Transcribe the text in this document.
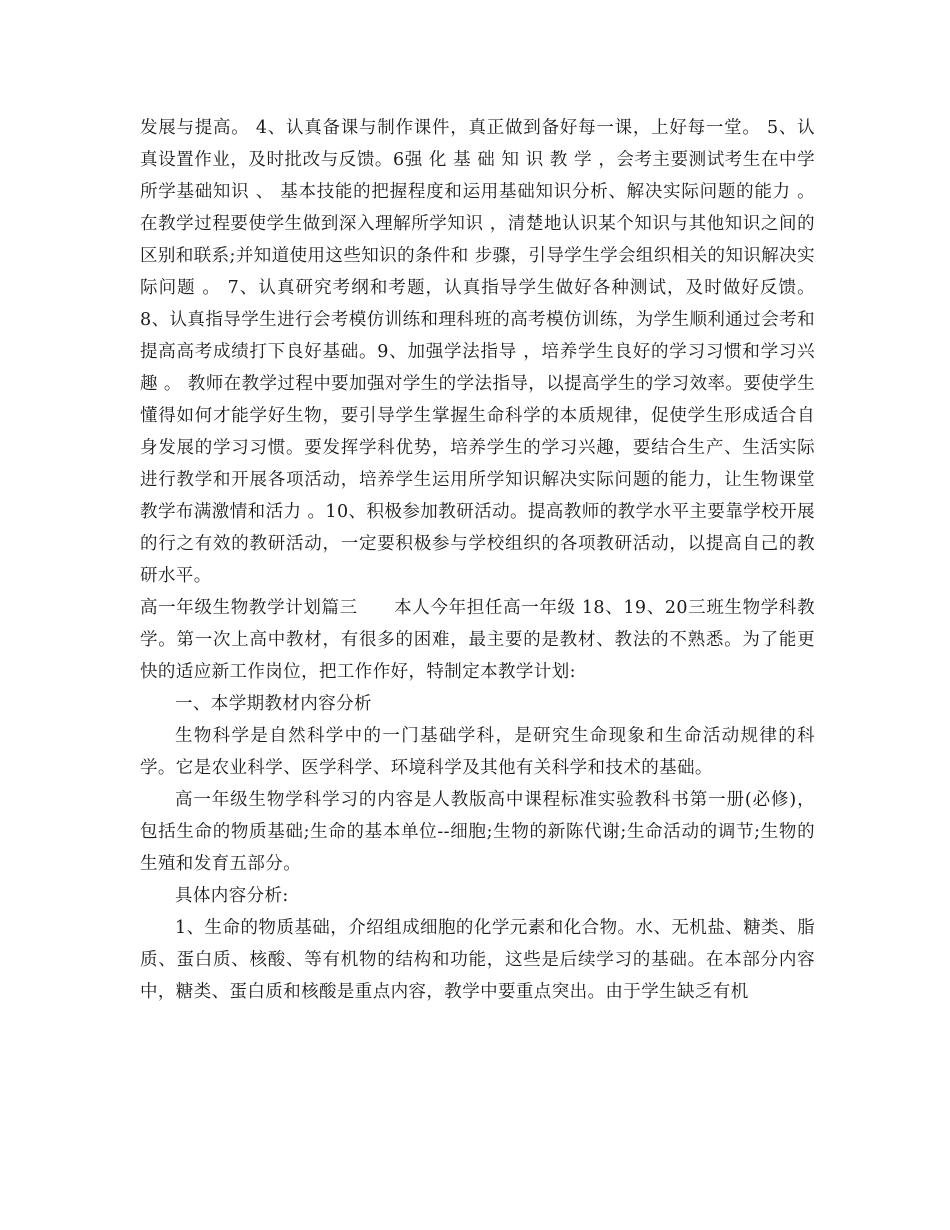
发展与提高。 4、认真备课与制作课件，真正做到备好每一课，上好每一堂。 5、认真设置作业，及时批改与反馈。6强 化 基 础 知 识 教 学 ，会考主要测试考生在中学所学基础知识 、 基本技能的把握程度和运用基础知识分析、解决实际问题的能力 。在教学过程要使学生做到深入理解所学知识 ，清楚地认识某个知识与其他知识之间的区别和联系;并知道使用这些知识的条件和 步骤，引导学生学会组织相关的知识解决实际问题 。 7、认真研究考纲和考题，认真指导学生做好各种测试，及时做好反馈。 8、认真指导学生进行会考模仿训练和理科班的高考模仿训练，为学生顺利通过会考和提高高考成绩打下良好基础。9、加强学法指导 ，培养学生良好的学习习惯和学习兴趣 。 教师在教学过程中要加强对学生的学法指导，以提高学生的学习效率。要使学生懂得如何才能学好生物，要引导学生掌握生命科学的本质规律，促使学生形成适合自身发展的学习习惯。要发挥学科优势，培养学生的学习兴趣，要结合生产、生活实际进行教学和开展各项活动，培养学生运用所学知识解决实际问题的能力，让生物课堂教学布满激情和活力 。10、积极参加教研活动。提高教师的教学水平主要靠学校开展的行之有效的教研活动，一定要积极参与学校组织的各项教研活动，以提高自己的教研水平。

高一年级生物教学计划篇三　　本人今年担任高一年级 18、19、20三班生物学科教学。第一次上高中教材，有很多的困难，最主要的是教材、教法的不熟悉。为了能更快的适应新工作岗位，把工作作好，特制定本教学计划:

一、本学期教材内容分析

生物科学是自然科学中的一门基础学科，是研究生命现象和生命活动规律的科学。它是农业科学、医学科学、环境科学及其他有关科学和技术的基础。

高一年级生物学科学习的内容是人教版高中课程标准实验教科书第一册(必修)，包括生命的物质基础;生命的基本单位--细胞;生物的新陈代谢;生命活动的调节;生物的生殖和发育五部分。

具体内容分析:

1、生命的物质基础，介绍组成细胞的化学元素和化合物。水、无机盐、糖类、脂质、蛋白质、核酸、等有机物的结构和功能，这些是后续学习的基础。在本部分内容中，糖类、蛋白质和核酸是重点内容，教学中要重点突出。由于学生缺乏有机
